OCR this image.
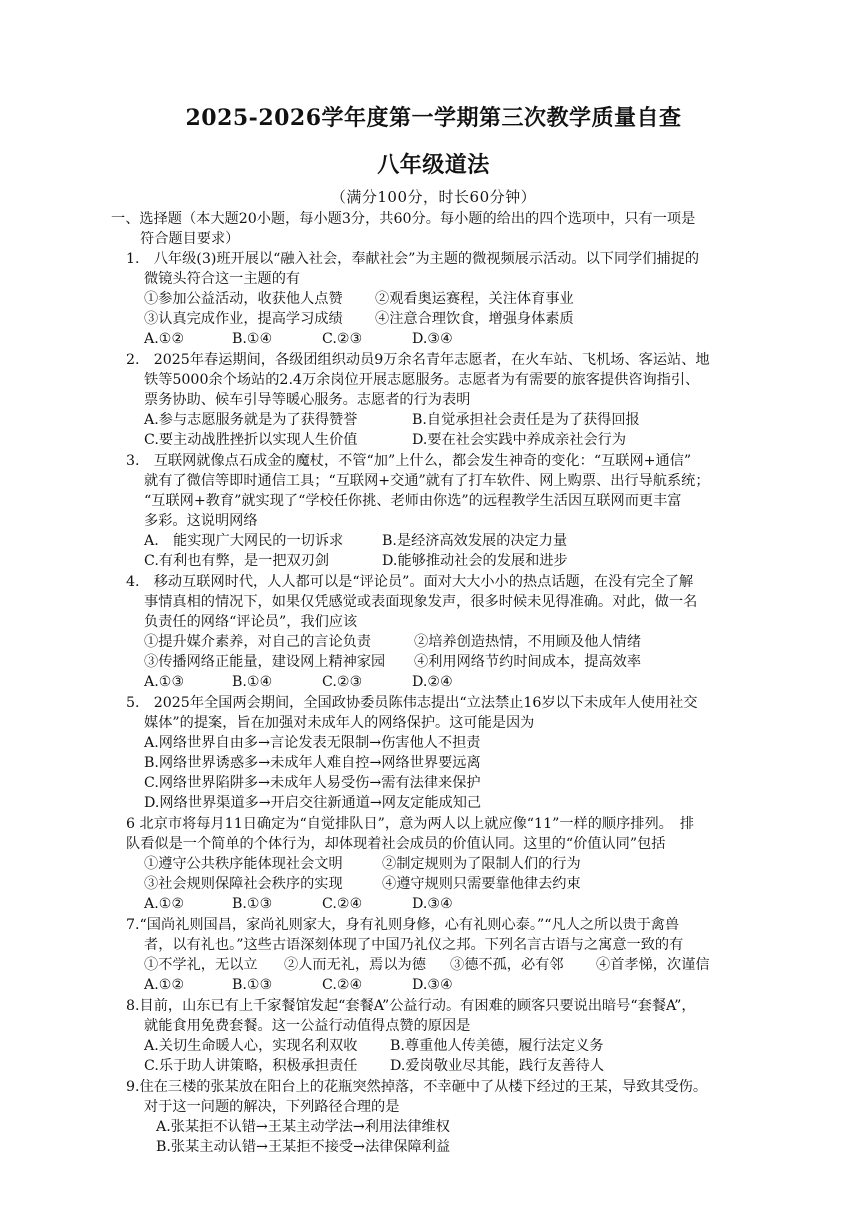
2025-2026学年度第一学期第三次教学质量自查
八年级道法
（满分100分，时长60分钟）
一、选择题（本大题20小题，每小题3分，共60分。每小题的给出的四个选项中，只有一项是
符合题目要求）
1.　八年级(3)班开展以“融入社会，奉献社会”为主题的微视频展示活动。以下同学们捕捉的
微镜头符合这一主题的有
①参加公益活动，收获他人点赞 ②观看奥运赛程，关注体育事业
③认真完成作业，提高学习成绩 ④注意合理饮食，增强身体素质
A.①②	B.①④	C.②③	D.③④
2.　2025年春运期间，各级团组织动员9万余名青年志愿者，在火车站、飞机场、客运站、地
铁等5000余个场站的2.4万余岗位开展志愿服务。志愿者为有需要的旅客提供咨询指引、
票务协助、候车引导等暖心服务。志愿者的行为表明
A.参与志愿服务就是为了获得赞誉	B.自觉承担社会责任是为了获得回报
C.要主动战胜挫折以实现人生价值	D.要在社会实践中养成亲社会行为
3.　互联网就像点石成金的魔杖，不管“加”上什么，都会发生神奇的变化：“互联网+通信”
就有了微信等即时通信工具；“互联网+交通”就有了打车软件、网上购票、出行导航系统；
“互联网+教育”就实现了“学校任你挑、老师由你选”的远程教学生活因互联网而更丰富
多彩。这说明网络
A.　能实现广大网民的一切诉求	B.是经济高效发展的决定力量
C.有利也有弊，是一把双刃剑	D.能够推动社会的发展和进步
4.　移动互联网时代，人人都可以是“评论员”。面对大大小小的热点话题，在没有完全了解
事情真相的情况下，如果仅凭感觉或表面现象发声，很多时候未见得准确。对此，做一名
负责任的网络“评论员”，我们应该
①提升媒介素养，对自己的言论负责	②培养创造热情，不用顾及他人情绪
③传播网络正能量，建设网上精神家园 ④利用网络节约时间成本，提高效率
A.①③	B.①④	C.②③	D.②④
5.　2025年全国两会期间，全国政协委员陈伟志提出“立法禁止16岁以下未成年人使用社交
媒体”的提案，旨在加强对未成年人的网络保护。这可能是因为
A.网络世界自由多→言论发表无限制→伤害他人不担责
B.网络世界诱惑多→未成年人难自控→网络世界要远离
C.网络世界陷阱多→未成年人易受伤→需有法律来保护
D.网络世界渠道多→开启交往新通道→网友定能成知己
6 北京市将每月11日确定为“自觉排队日”，意为两人以上就应像“11”一样的顺序排列。　排
队看似是一个简单的个体行为，却体现着社会成员的价值认同。这里的“价值认同”包括
①遵守公共秩序能体现社会文明	②制定规则为了限制人们的行为
③社会规则保障社会秩序的实现	④遵守规则只需要靠他律去约束
A.①②	B.①③	C.②④	D.③④
7.“国尚礼则国昌，家尚礼则家大，身有礼则身修，心有礼则心泰。”“凡人之所以贵于禽兽
者，以有礼也。”这些古语深刻体现了中国乃礼仪之邦。下列名言古语与之寓意一致的有
①不学礼，无以立 ②人而无礼，焉以为德 ③德不孤，必有邻 ④首孝悌，次谨信
A.①②	B.①③	C.②④	D.③④
8.目前，山东已有上千家餐馆发起“套餐A”公益行动。有困难的顾客只要说出暗号“套餐A”，
就能食用免费套餐。这一公益行动值得点赞的原因是
A.关切生命暖人心，实现名利双收 B.尊重他人传美德，履行法定义务
C.乐于助人讲策略，积极承担责任 D.爱岗敬业尽其能，践行友善待人
9.住在三楼的张某放在阳台上的花瓶突然掉落，不幸砸中了从楼下经过的王某，导致其受伤。
对于这一问题的解决，下列路径合理的是
A.张某拒不认错→王某主动学法→利用法律维权
B.张某主动认错→王某拒不接受→法律保障利益
